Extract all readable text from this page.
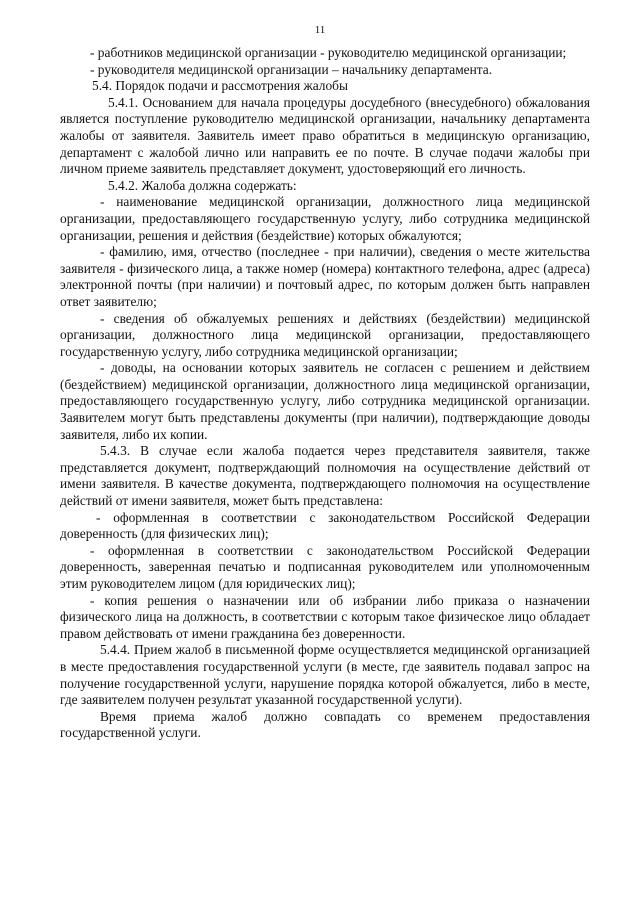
11

- работников медицинской организации - руководителю медицинской организации;

- руководителя медицинской организации – начальнику департамента.

5.4. Порядок подачи и рассмотрения жалобы

5.4.1. Основанием для начала процедуры досудебного (внесудебного) обжалования является поступление руководителю медицинской организации, начальнику департамента жалобы от заявителя. Заявитель имеет право обратиться в медицинскую организацию, департамент с жалобой лично или направить ее по почте. В случае подачи жалобы при личном приеме заявитель представляет документ, удостоверяющий его личность.

5.4.2. Жалоба должна содержать:

- наименование медицинской организации, должностного лица медицинской организации, предоставляющего государственную услугу, либо сотрудника медицинской организации, решения и действия (бездействие) которых обжалуются;

- фамилию, имя, отчество (последнее - при наличии), сведения о месте жительства заявителя - физического лица, а также номер (номера) контактного телефона, адрес (адреса) электронной почты (при наличии) и почтовый адрес, по которым должен быть направлен ответ заявителю;

- сведения об обжалуемых решениях и действиях (бездействии) медицинской организации, должностного лица медицинской организации, предоставляющего государственную услугу, либо сотрудника медицинской организации;

- доводы, на основании которых заявитель не согласен с решением и действием (бездействием) медицинской организации, должностного лица медицинской организации, предоставляющего государственную услугу, либо сотрудника медицинской организации. Заявителем могут быть представлены документы (при наличии), подтверждающие доводы заявителя, либо их копии.

5.4.3. В случае если жалоба подается через представителя заявителя, также представляется документ, подтверждающий полномочия на осуществление действий от имени заявителя. В качестве документа, подтверждающего полномочия на осуществление действий от имени заявителя, может быть представлена:

- оформленная в соответствии с законодательством Российской Федерации доверенность (для физических лиц);

- оформленная в соответствии с законодательством Российской Федерации доверенность, заверенная печатью и подписанная руководителем или уполномоченным этим руководителем лицом (для юридических лиц);

- копия решения о назначении или об избрании либо приказа о назначении физического лица на должность, в соответствии с которым такое физическое лицо обладает правом действовать от имени гражданина без доверенности.

5.4.4. Прием жалоб в письменной форме осуществляется медицинской организацией в месте предоставления государственной услуги (в месте, где заявитель подавал запрос на получение государственной услуги, нарушение порядка которой обжалуется, либо в месте, где заявителем получен результат указанной государственной услуги).

Время приема жалоб должно совпадать со временем предоставления государственной услуги.
